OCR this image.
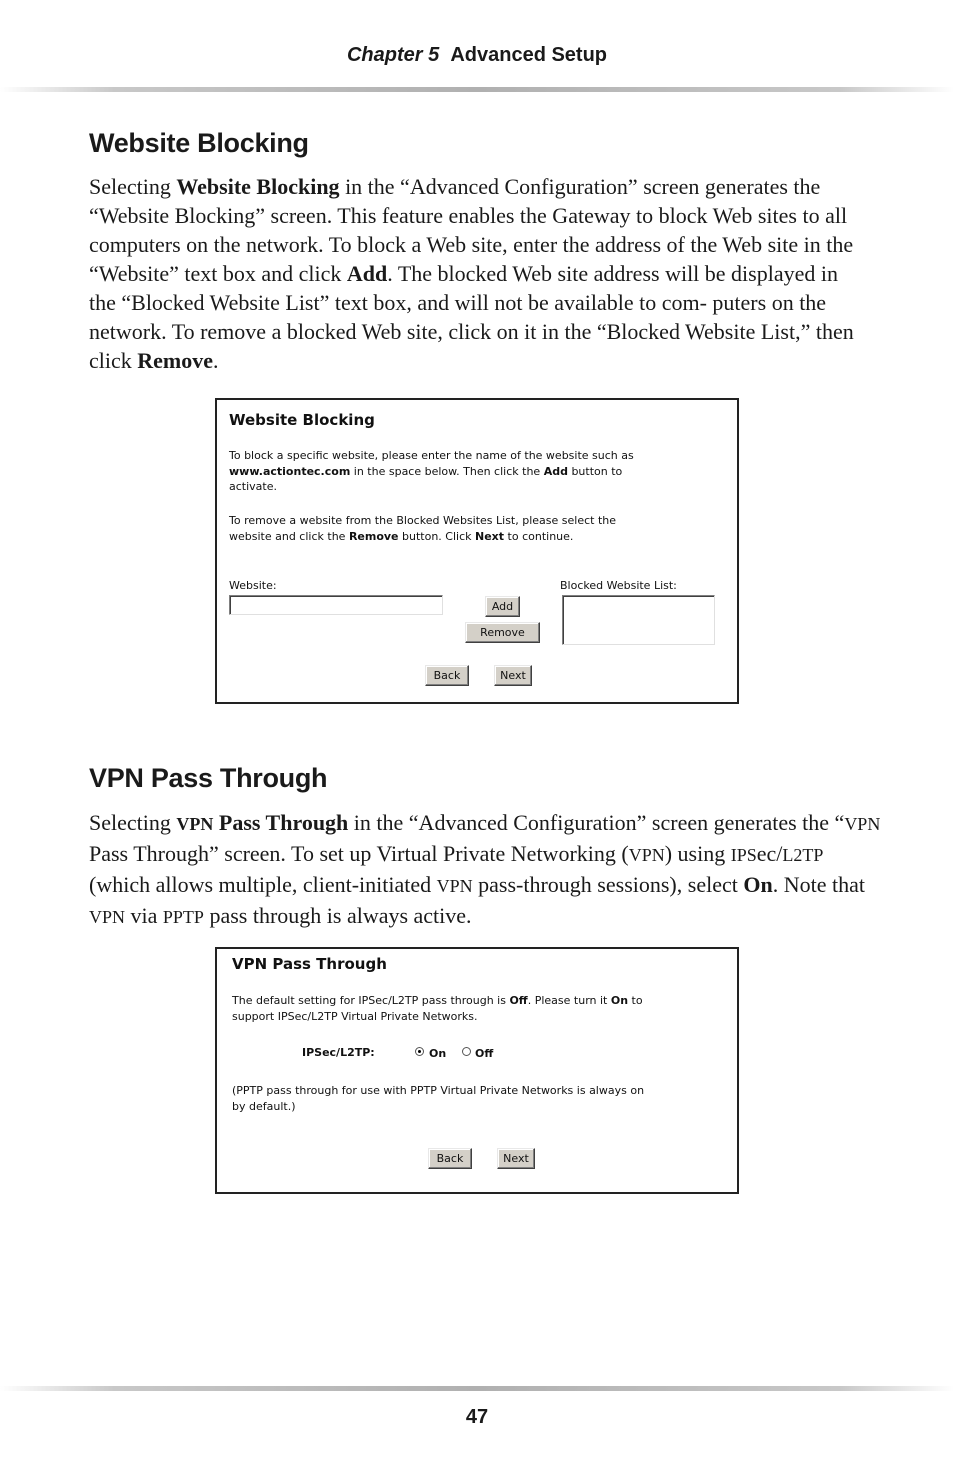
Chapter 5 Advanced Setup
Website Blocking

Selecting Website Blocking in the “Advanced Configuration” screen generates the “Website Blocking” screen. This feature enables the Gateway to block Web sites to all computers on the network. To block a Web site, enter the address of the Web site in the “Website” text box and click Add. The blocked Web site address will be displayed in the “Blocked Website List” text box, and will not be available to com- puters on the network. To remove a blocked Web site, click on it in the “Blocked Website List,” then click Remove.

Website Blocking
To block a specific website, please enter the name of the website such as
www.actiontec.com in the space below. Then click the Add button to
activate.
To remove a website from the Blocked Websites List, please select the
website and click the Remove button. Click Next to continue.
Website:	Blocked Website List:
Add
Remove
Back	Next
VPN Pass Through

Selecting VPN Pass Through in the “Advanced Configuration” screen generates the “VPN Pass Through” screen. To set up Virtual Private Networking (VPN) using IPSec/L2TP (which allows multiple, client-initiated VPN pass-through sessions), select On. Note that VPN via PPTP pass through is always active.

VPN Pass Through
The default setting for IPSec/L2TP pass through is Off. Please turn it On to
support IPSec/L2TP Virtual Private Networks.
IPSec/L2TP:	On	Off
(PPTP pass through for use with PPTP Virtual Private Networks is always on
by default.)
Back	Next
47
